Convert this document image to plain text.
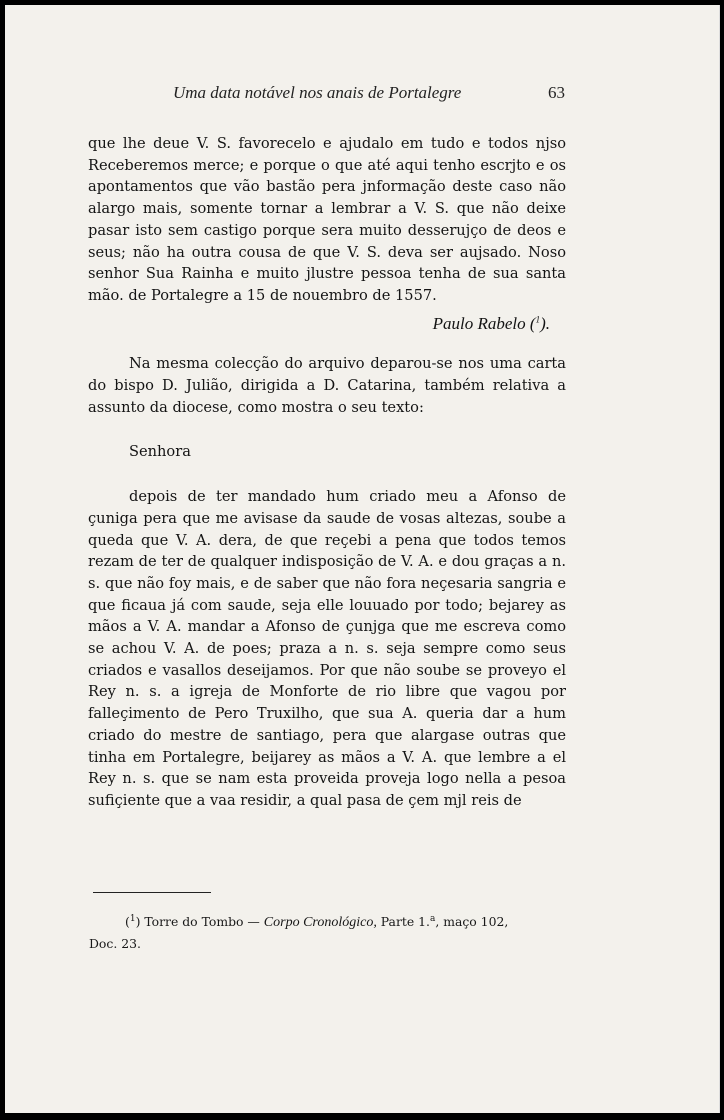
Uma data notável nos anais de Portalegre	63

que lhe deue V. S. favorecelo e ajudalo em tudo e todos njso Receberemos merce; e porque o que até aqui tenho escrjto e os apontamentos que vão bastão pera jnformação deste caso não alargo mais, somente tornar a lembrar a V. S. que não deixe pasar isto sem castigo porque sera muito desserujço de deos e seus; não ha outra cousa de que V. S. deva ser aujsado. Noso senhor Sua Rainha e muito jlustre pessoa tenha de sua santa mão. de Portalegre a 15 de nouembro de 1557.

Paulo Rabelo ($^1$).

Na mesma colecção do arquivo deparou-se nos uma carta do bispo D. Julião, dirigida a D. Catarina, também relativa a assunto da diocese, como mostra o seu texto:

Senhora

depois de ter mandado hum criado meu a Afonso de çuniga pera que me avisase da saude de vosas altezas, soube a queda que V. A. dera, de que reçebi a pena que todos temos rezam de ter de qualquer indisposição de V. A. e dou graças a n. s. que não foy mais, e de saber que não fora neçesaria sangria e que ficaua já com saude, seja elle louuado por todo; bejarey as mãos a V. A. mandar a Afonso de çunjga que me escreva como se achou V. A. de poes; praza a n. s. seja sempre como seus criados e vasallos deseijamos. Por que não soube se proveyo el Rey n. s. a igreja de Monforte de rio libre que vagou por falleçimento de Pero Truxilho, que sua A. queria dar a hum criado do mestre de santiago, pera que alargase outras que tinha em Portalegre, beijarey as mãos a V. A. que lembre a el Rey n. s. que se nam esta proveida proveja logo nella a pesoa sufiçiente que a vaa residir, a qual pasa de çem mjl reis de

($^1$) Torre do Tombo — Corpo Cronológico, Parte 1.$^a$, maço 102,
Doc. 23.
